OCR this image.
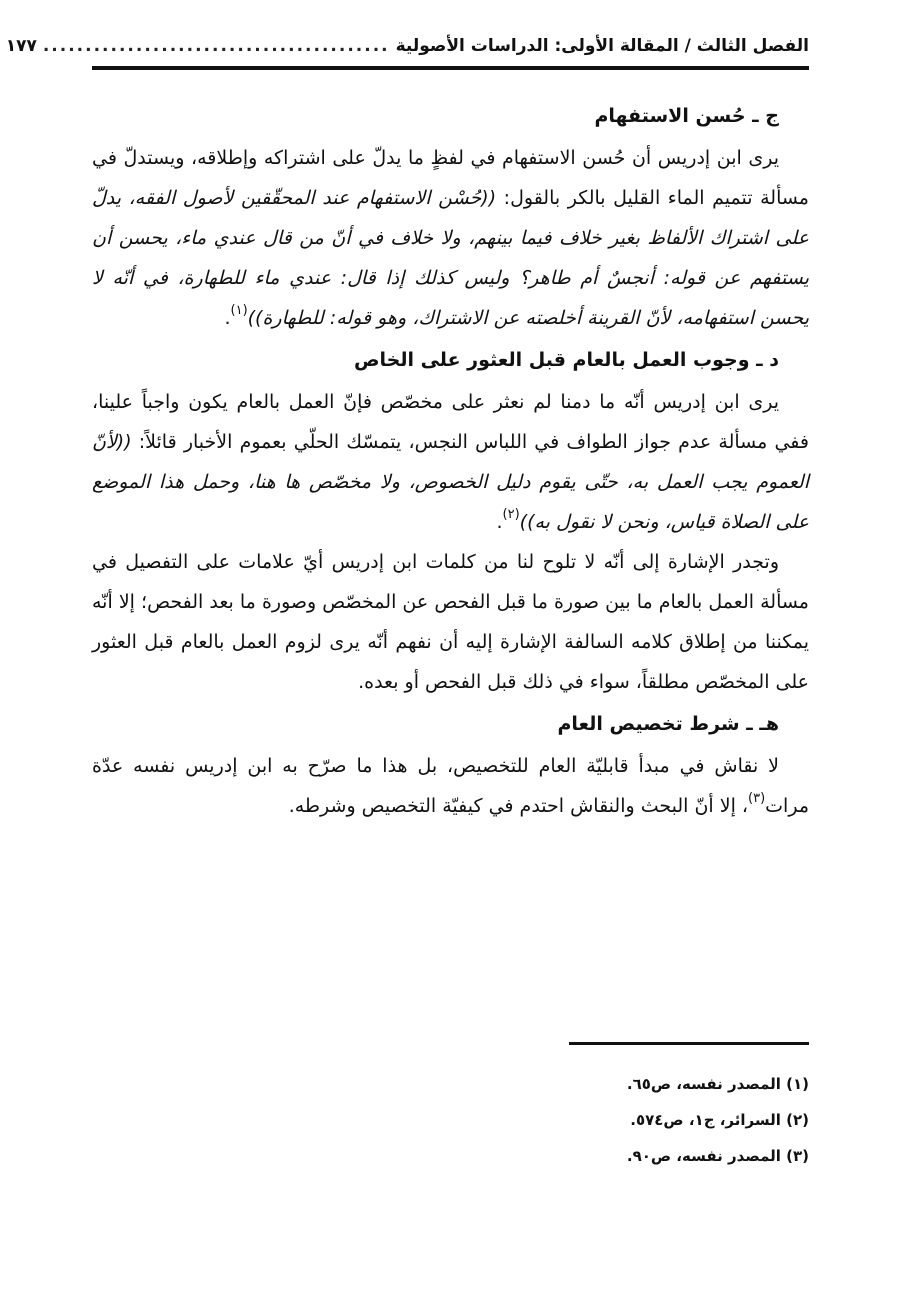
الفصل الثالث / المقالة الأولى: الدراسات الأصولية
.........................................
١٧٧
ج ـ حُسن الاستفهام

يرى ابن إدريس أن حُسن الاستفهام في لفظٍ ما يدلّ على اشتراكه وإطلاقه، ويستدلّ في مسألة تتميم الماء القليل بالكر بالقول: ((حُسْن الاستفهام عند المحقّقين لأصول الفقه، يدلّ على اشتراك الألفاظ بغير خلاف فيما بينهم، ولا خلاف في أنّ من قال عندي ماء، يحسن أن يستفهم عن قوله: أنجسٌ أم طاهر؟ وليس كذلك إذا قال: عندي ماء للطهارة، في أنّه لا يحسن استفهامه، لأنّ القرينة أخلصته عن الاشتراك، وهو قوله: للطهارة))$^{(١)}$.

د ـ وجوب العمل بالعام قبل العثور على الخاص

يرى ابن إدريس أنّه ما دمنا لم نعثر على مخصّص فإنّ العمل بالعام يكون واجباً علينا، ففي مسألة عدم جواز الطواف في اللباس النجس، يتمسّك الحلّي بعموم الأخبار قائلاً: ((لأنّ العموم يجب العمل به، حتّى يقوم دليل الخصوص، ولا مخصّص ها هنا، وحمل هذا الموضع على الصلاة قياس، ونحن لا نقول به))$^{(٢)}$.

وتجدر الإشارة إلى أنّه لا تلوح لنا من كلمات ابن إدريس أيّ علامات على التفصيل في مسألة العمل بالعام ما بين صورة ما قبل الفحص عن المخصّص وصورة ما بعد الفحص؛ إلا أنّه يمكننا من إطلاق كلامه السالفة الإشارة إليه أن نفهم أنّه يرى لزوم العمل بالعام قبل العثور على المخصّص مطلقاً، سواء في ذلك قبل الفحص أو بعده.

هـ ـ شرط تخصيص العام

لا نقاش في مبدأ قابليّة العام للتخصيص، بل هذا ما صرّح به ابن إدريس نفسه عدّة مرات$^{(٣)}$، إلا أنّ البحث والنقاش احتدم في كيفيّة التخصيص وشرطه.

(١) المصدر نفسه، ص٦٥.
(٢) السرائر، ج١، ص٥٧٤.
(٣) المصدر نفسه، ص٩٠.
